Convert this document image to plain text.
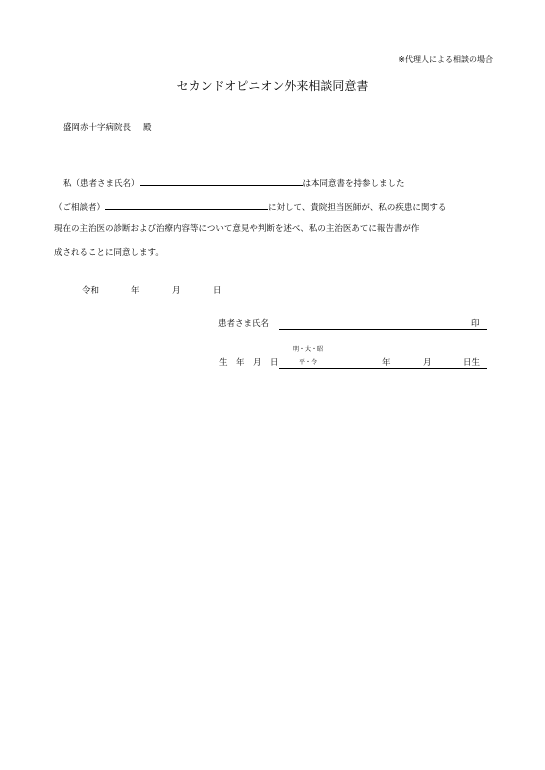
※代理人による相談の場合
セカンドオピニオン外来相談同意書
盛岡赤十字病院長 殿
私（患者さま氏名）	は本同意書を持参しました
（ご相談者）	に対して、貴院担当医師が、私の疾患に関する
現在の主治医の診断および治療内容等について意見や判断を述べ、私の主治医あてに報告書が作
成されることに同意します。
令和	年	月	日
患者さま氏名	印
生 年 月 日
明・大・昭
平・令	年	月	日生
